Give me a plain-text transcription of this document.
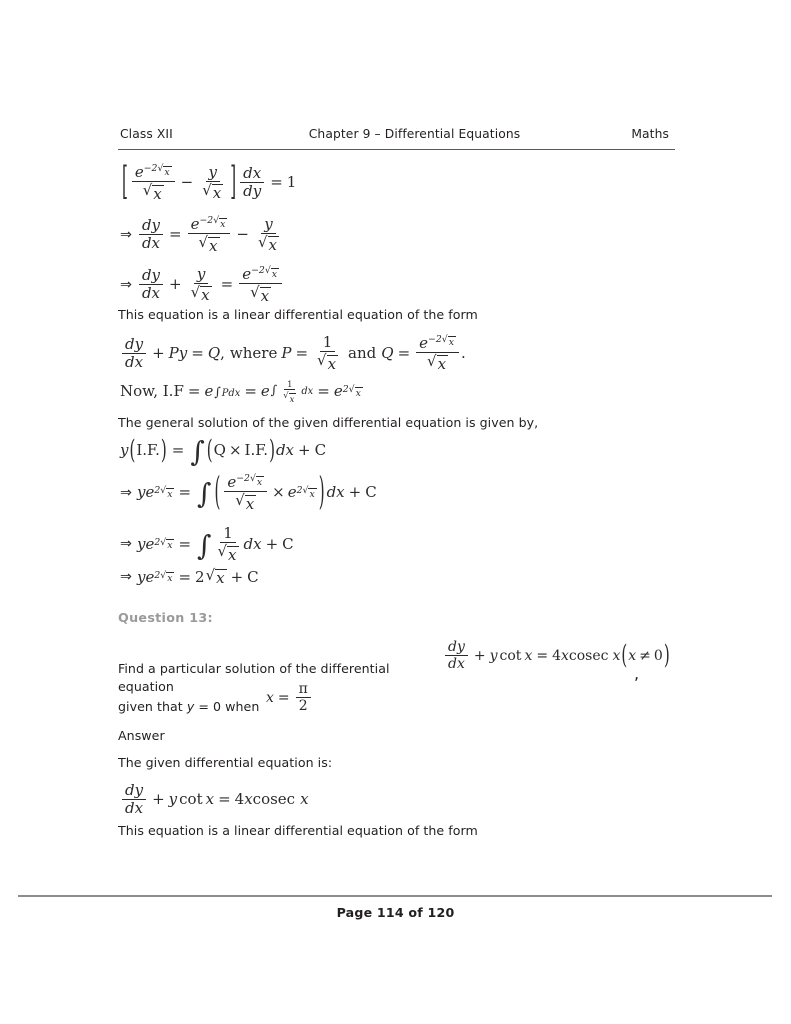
Class XII	Chapter 9 – Differential Equations	Maths
[ $\frac{e^{-2 √ x}}{√ x} - \frac{y}{√ x}$ ] $\frac{dx}{dy} = 1$
⇒ $\frac{dy}{dx} = \frac{e^{-2 √ x}}{√ x} - \frac{y}{√ x}$
⇒ $\frac{dy}{dx} + \frac{y}{√ x} = \frac{e^{-2 √ x}}{√ x}$

This equation is a linear differential equation of the form

$\frac{dy}{dx} + P$ y = Q , where $P = \frac{1}{√ x}$ and $Q = \frac{e^{-2 √ x}}{√ x}$ .
Now, I.F = e ∫Pdx = e ∫ $\frac{1}{√ x}$ dx = e 2 √ x

The general solution of the given differential equation is given by,

y ( I.F. ) = ∫ ( Q × I.F. ) dx + C
⇒ y e 2 √ x = ∫ ( $\frac{e^{-2 √ x}}{√ x} \times e$ 2 √ x ) dx + C
⇒ y e 2 √ x = ∫ $\frac{1}{√ x}$ dx + C
⇒ y e 2 √ x = 2 √ x + C

Question 13:

Find a particular solution of the differential equation

$\frac{dy}{dx} + y$ cot x = 4 x cosec x ( x ≠ 0 )
,

given that y = 0 when

$x = \frac{\pi}{2}$

Answer

The given differential equation is:

$\frac{dy}{dx} + y$ cot x = 4 x cosec x

This equation is a linear differential equation of the form

Page 114 of 120
